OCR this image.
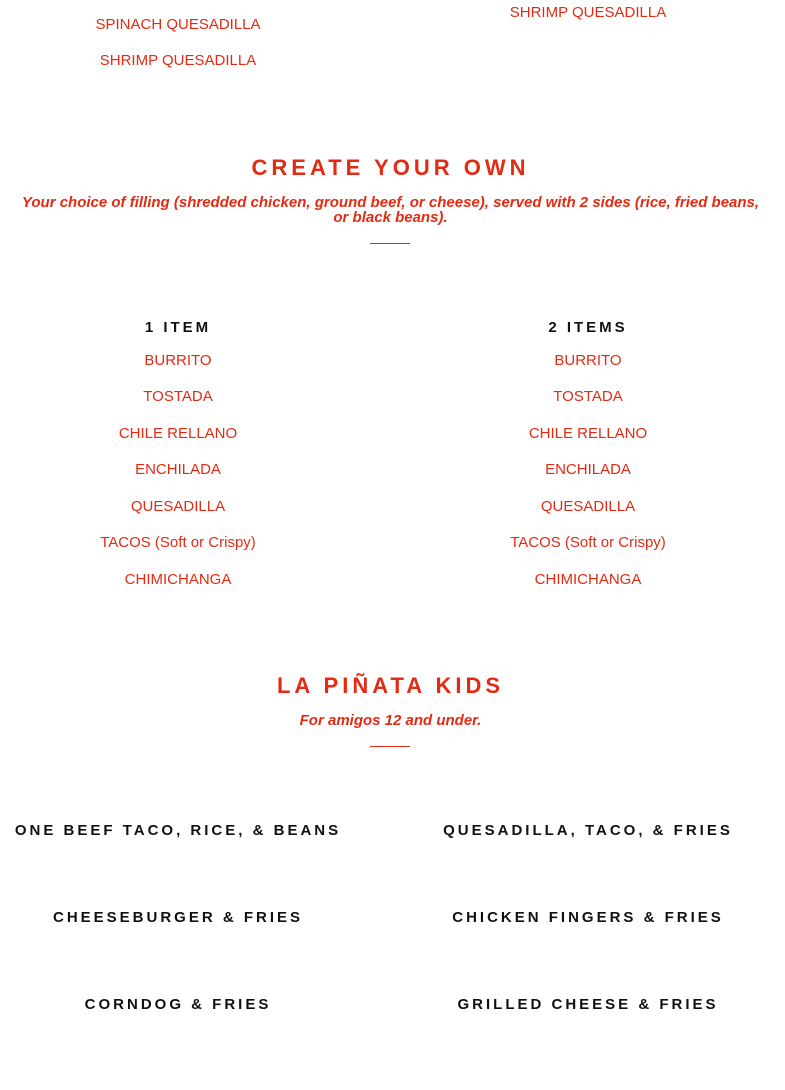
SPINACH QUESADILLA
SHRIMP QUESADILLA
SHRIMP QUESADILLA
CREATE YOUR OWN
Your choice of filling (shredded chicken, ground beef, or cheese), served with 2 sides (rice, fried beans,
or black beans).
1 ITEM
BURRITO
TOSTADA
CHILE RELLANO
ENCHILADA
QUESADILLA
TACOS (Soft or Crispy)
CHIMICHANGA
2 ITEMS
BURRITO
TOSTADA
CHILE RELLANO
ENCHILADA
QUESADILLA
TACOS (Soft or Crispy)
CHIMICHANGA
LA PIÑATA KIDS
For amigos 12 and under.
ONE BEEF TACO, RICE, & BEANS
CHEESEBURGER & FRIES
CORNDOG & FRIES
QUESADILLA, TACO, & FRIES
CHICKEN FINGERS & FRIES
GRILLED CHEESE & FRIES
